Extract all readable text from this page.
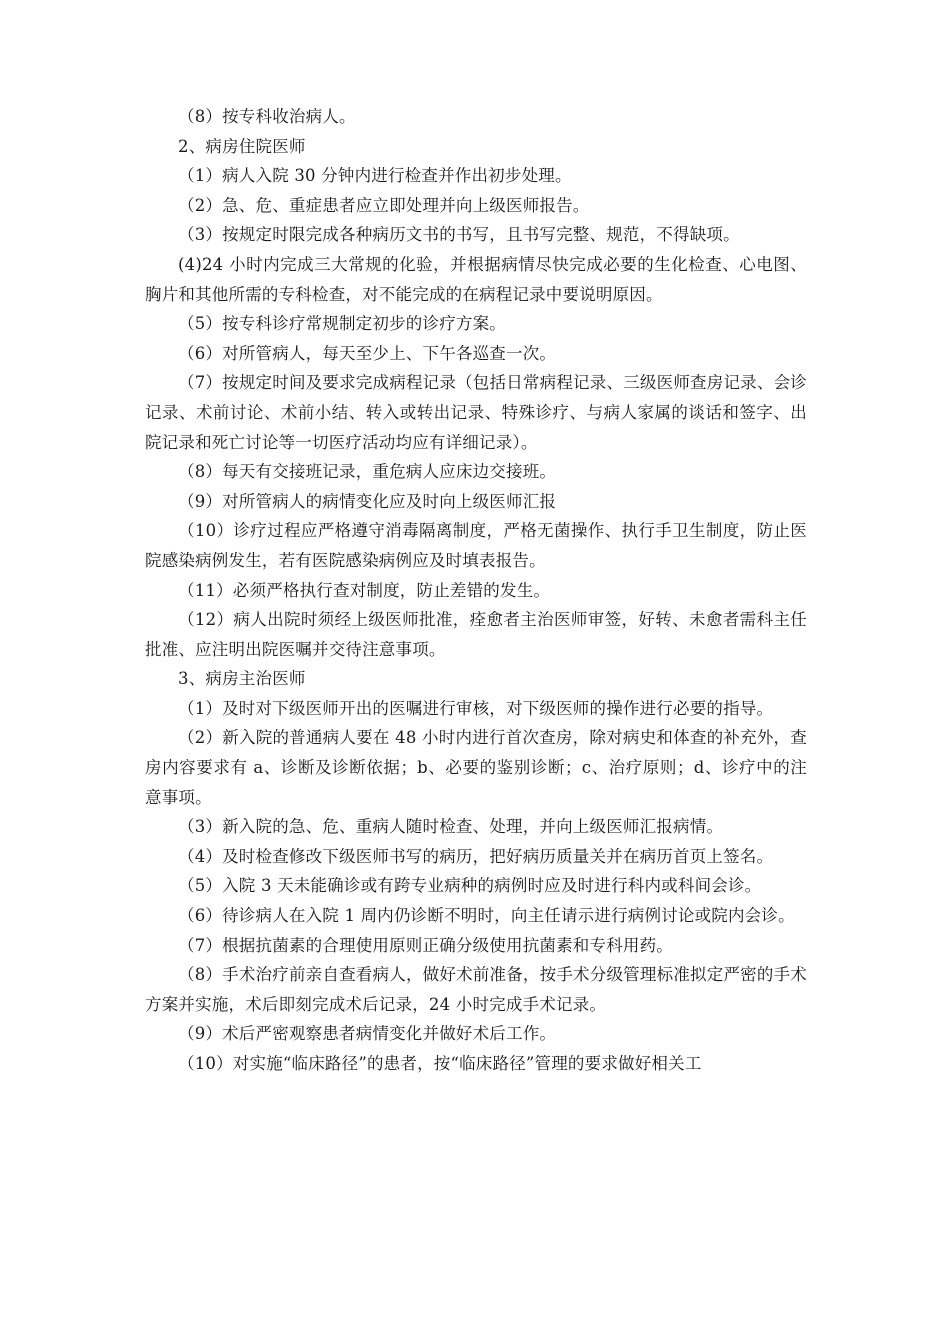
（8）按专科收治病人。

2、病房住院医师

（1）病人入院 30 分钟内进行检查并作出初步处理。

（2）急、危、重症患者应立即处理并向上级医师报告。

（3）按规定时限完成各种病历文书的书写，且书写完整、规范，不得缺项。

(4)24 小时内完成三大常规的化验，并根据病情尽快完成必要的生化检查、心电图、胸片和其他所需的专科检查，对不能完成的在病程记录中要说明原因。

（5）按专科诊疗常规制定初步的诊疗方案。

（6）对所管病人，每天至少上、下午各巡查一次。

（7）按规定时间及要求完成病程记录（包括日常病程记录、三级医师查房记录、会诊记录、术前讨论、术前小结、转入或转出记录、特殊诊疗、与病人家属的谈话和签字、出院记录和死亡讨论等一切医疗活动均应有详细记录）。

（8）每天有交接班记录，重危病人应床边交接班。

（9）对所管病人的病情变化应及时向上级医师汇报

（10）诊疗过程应严格遵守消毒隔离制度，严格无菌操作、执行手卫生制度，防止医院感染病例发生，若有医院感染病例应及时填表报告。

（11）必须严格执行查对制度，防止差错的发生。

（12）病人出院时须经上级医师批准，痊愈者主治医师审签，好转、未愈者需科主任批准、应注明出院医嘱并交待注意事项。

3、病房主治医师

（1）及时对下级医师开出的医嘱进行审核，对下级医师的操作进行必要的指导。

（2）新入院的普通病人要在 48 小时内进行首次查房，除对病史和体查的补充外，查房内容要求有 a、诊断及诊断依据；b、必要的鉴别诊断；c、治疗原则；d、诊疗中的注意事项。

（3）新入院的急、危、重病人随时检查、处理，并向上级医师汇报病情。

（4）及时检查修改下级医师书写的病历，把好病历质量关并在病历首页上签名。

（5）入院 3 天未能确诊或有跨专业病种的病例时应及时进行科内或科间会诊。

（6）待诊病人在入院 1 周内仍诊断不明时，向主任请示进行病例讨论或院内会诊。

（7）根据抗菌素的合理使用原则正确分级使用抗菌素和专科用药。

（8）手术治疗前亲自查看病人，做好术前准备，按手术分级管理标准拟定严密的手术方案并实施，术后即刻完成术后记录，24 小时完成手术记录。

（9）术后严密观察患者病情变化并做好术后工作。

（10）对实施“临床路径”的患者，按“临床路径”管理的要求做好相关工
